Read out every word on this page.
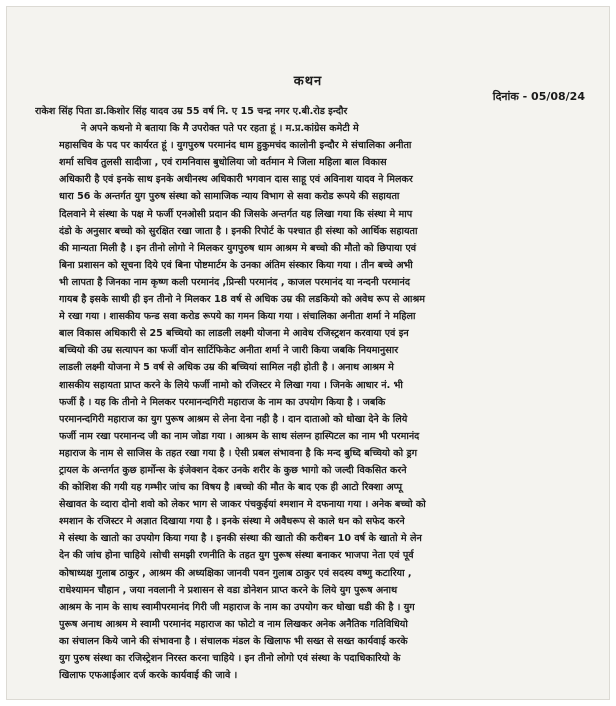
कथन
दिनांक - 05/08/24
राकेश सिंह पिता डा.किशोर सिंह यादव उम्र 55 वर्ष नि. ए 15 चन्द्र नगर ए.बी.रोड इन्दौर
ने अपने कथनो मे बताया कि मै उपरोक्त पते पर रहता हूं । म.प्र.कांग्रेस कमेटी मे
महासचिव के पद पर कार्यरत हूं । युगपुरुष परमानंद धाम हुकुमचंद कालोनी इन्दौर मे संचालिका अनीता
शर्मा सचिव तुलसी सादीजा , एवं रामनिवास बुधोलिया जो वर्तमान मे जिला महिला बाल विकास
अधिकारी है एवं इनके साथ इनके अधीनस्थ अधिकारी भगवान दास साहू एवं अविनाश यादव ने मिलकर
धारा 56 के अन्तर्गत युग पुरुष संस्था को सामाजिक न्याय विभाग से सवा करोड रूपये की सहायता
दिलवाने मे संस्था के पक्ष मे फर्जी एनओसी प्रदान की जिसके अन्तर्गत यह लिखा गया कि संस्था मे माप
दंडो के अनुसार बच्चो को सुरक्षित रखा जाता है । इनकी रिपोर्ट के पश्चात ही संस्था को आर्थिक सहायता
की मान्यता मिली है । इन तीनो लोगो ने मिलकर युगपुरुष धाम आश्रम मे बच्चो की मौतो को छिपाया एवं
बिना प्रशासन को सूचना दिये एवं बिना पोष्टमार्टम के उनका अंतिम संस्कार किया गया । तीन बच्चे अभी
भी लापता है जिनका नाम कृष्ण कली परमानंद ,प्रिन्सी परमानंद , काजल परमानंद या नन्दनी परमानंद
गायब है इसके साथी ही इन तीनो ने मिलकर 18 वर्ष से अधिक उम्र की लडकियो को अवेध रूप से आश्रम
मे रखा गया । शासकीय फन्ड सवा करोड रूपये का गमन किया गया । संचालिका अनीता शर्मा ने महिला
बाल विकास अधिकारी से 25 बच्चियो का लाडली लक्ष्मी योजना मे आवेध रजिस्ट्रशन करवाया एवं इन
बच्चियो की उम्र सत्यापन का फर्जी वोन सार्टिफिकेट अनीता शर्मा ने जारी किया जबकि नियमानुसार
लाडली लक्ष्मी योजना मे 5 वर्ष से अधिक उम्र की बच्चियां सामिल नही होती है । अनाथ आश्रम मे
शासकीय सहायता प्राप्त करने के लिये फर्जी नामो को रजिस्टर मे लिखा गया । जिनके आधार नं. भी
फर्जी है । यह कि तीनो ने मिलकर परमानन्दगिरी महाराज के नाम का उपयोग किया है । जबकि
परमानन्दगिरी महाराज का युग पुरूष आश्रम से लेना देना नही है । दान दाताओ को धोखा देने के लिये
फर्जी नाम रखा परमानन्द जी का नाम जोडा गया । आश्रम के साथ संलग्न हास्पिटल का नाम भी परमानंद
महाराज के नाम से साजिस के तहत रखा गया है । ऐसी प्रबल संभावना है कि मन्द बुध्दि बच्चियो को ड्रग
ट्रायल के अन्तर्गत कुछ हार्मोन्स के इंजेक्शन देकर उनके शरीर के कुछ भागो को जल्दी विकसित करने
की कोशिश की गयी यह गम्भीर जांच का विषय है ।बच्चो की मौत के बाद एक ही आटो रिक्शा अप्पू
सेखावत के व्दारा दोनो शवो को लेकर भाग से जाकर पंचकुईयां श्मशान मे दफनाया गया । अनेक बच्चो को
श्मशान के रजिस्टर मे अज्ञात दिखाया गया है । इनके संस्था मे अवैधरूप से काले धन को सफेद करने
मे संस्था के खातो का उपयोग किया गया है । इनकी संस्था की खातो की करीबन 10 वर्ष के खातो मे लेन
देन की जांच होना चाहिये ।सोची समझी रणनीति के तहत युग पुरूष संस्था बनाकर भाजपा नेता एवं पूर्व
कोषाध्यक्ष गुलाब ठाकुर , आश्रम की अध्यक्षिका जानवी पवन गुलाब ठाकुर एवं सदस्य वष्णु कटारिया ,
राधेश्यामन चौहान , जया नवलानी ने प्रशासन से वडा डोनेशन प्राप्त करने के लिये युग पुरूष अनाथ
आश्रम के नाम के साथ स्वामीपरमानंद गिरी जी महाराज के नाम का उपयोग कर धोखा धडी की है । युग
पुरूष अनाथ आश्रम मे स्वामी परमानंद महाराज का फोटो व नाम लिखकर अनेक अनैतिक गतिविधियो
का संचालन किये जाने की संभावना है । संचालक मंडल के खिलाफ भी सख्त से सख्त कार्यवाई करके
युग पुरुष संस्था का रजिस्ट्रेशन निरस्त करना चाहिये । इन तीनो लोगो एवं संस्था के पदाधिकारियो के
खिलाफ एफआईआर दर्ज करके कार्यवाई की जावे ।
